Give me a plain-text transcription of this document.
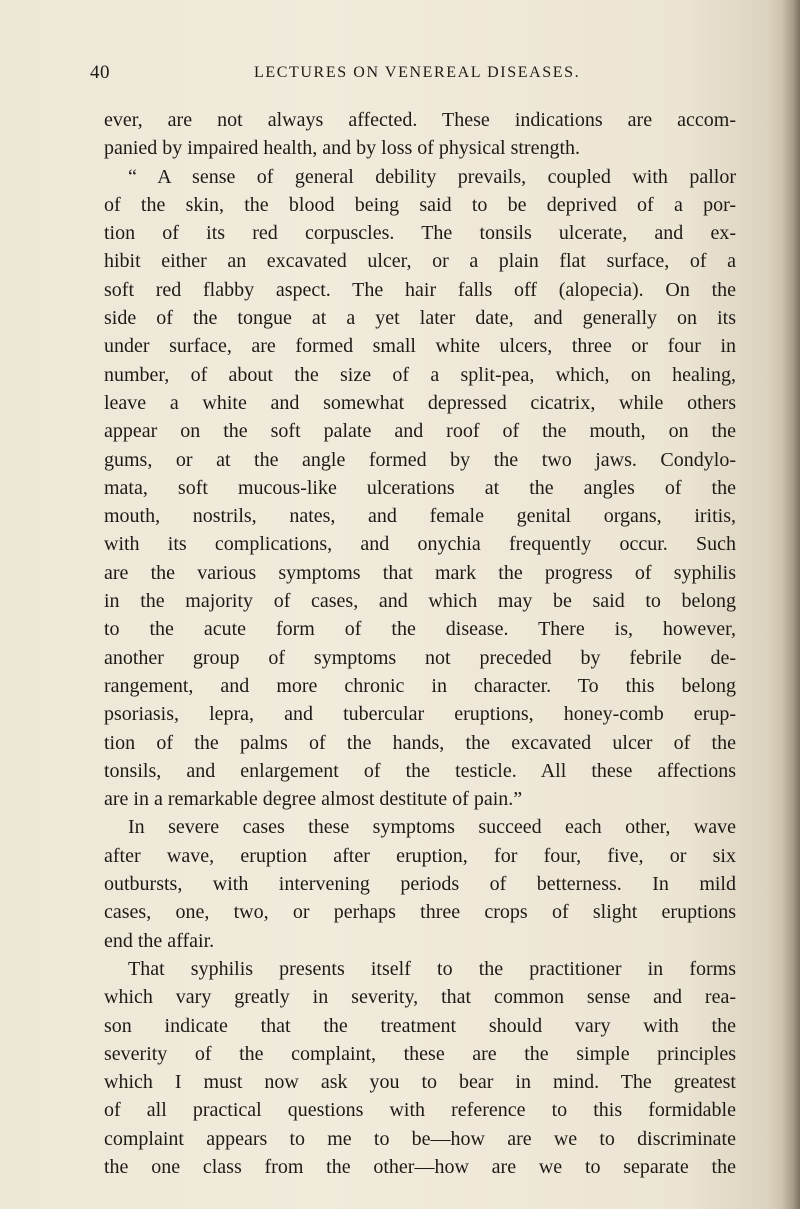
40	LECTURES ON VENEREAL DISEASES.
ever, are not always affected. These indications are accom-
panied by impaired health, and by loss of physical strength.
“ A sense of general debility prevails, coupled with pallor
of the skin, the blood being said to be deprived of a por-
tion of its red corpuscles. The tonsils ulcerate, and ex-
hibit either an excavated ulcer, or a plain flat surface, of a
soft red flabby aspect. The hair falls off (alopecia). On the
side of the tongue at a yet later date, and generally on its
under surface, are formed small white ulcers, three or four in
number, of about the size of a split-pea, which, on healing,
leave a white and somewhat depressed cicatrix, while others
appear on the soft palate and roof of the mouth, on the
gums, or at the angle formed by the two jaws. Condylo-
mata, soft mucous-like ulcerations at the angles of the
mouth, nostrils, nates, and female genital organs, iritis,
with its complications, and onychia frequently occur. Such
are the various symptoms that mark the progress of syphilis
in the majority of cases, and which may be said to belong
to the acute form of the disease. There is, however,
another group of symptoms not preceded by febrile de-
rangement, and more chronic in character. To this belong
psoriasis, lepra, and tubercular eruptions, honey-comb erup-
tion of the palms of the hands, the excavated ulcer of the
tonsils, and enlargement of the testicle. All these affections
are in a remarkable degree almost destitute of pain.”
In severe cases these symptoms succeed each other, wave
after wave, eruption after eruption, for four, five, or six
outbursts, with intervening periods of betterness. In mild
cases, one, two, or perhaps three crops of slight eruptions
end the affair.
That syphilis presents itself to the practitioner in forms
which vary greatly in severity, that common sense and rea-
son indicate that the treatment should vary with the
severity of the complaint, these are the simple principles
which I must now ask you to bear in mind. The greatest
of all practical questions with reference to this formidable
complaint appears to me to be—how are we to discriminate
the one class from the other—how are we to separate the
